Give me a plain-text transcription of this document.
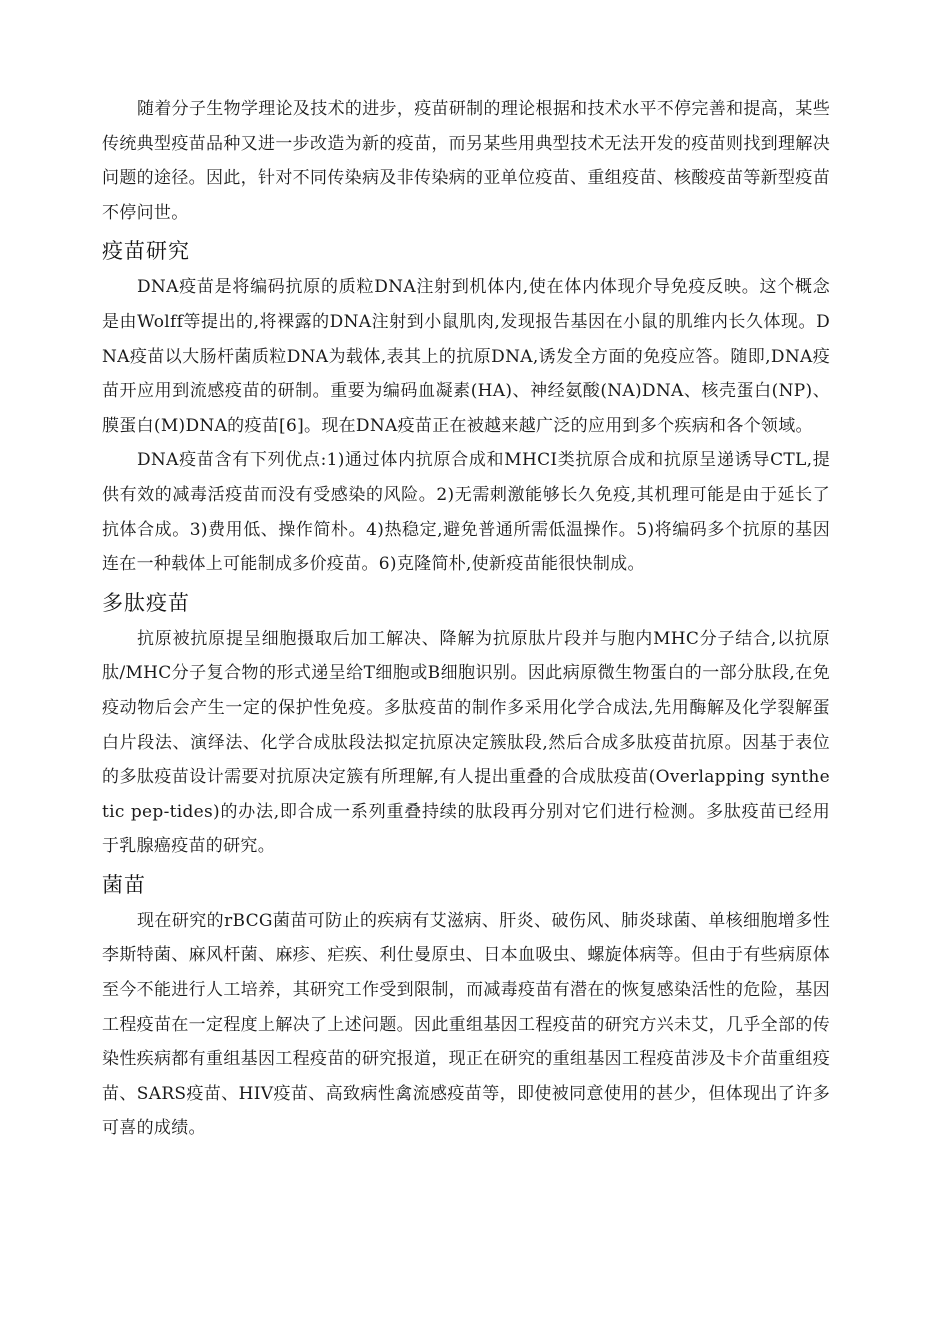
随着分子生物学理论及技术的进步，疫苗研制的理论根据和技术水平不停完善和提高，某些传统典型疫苗品种又进一步改造为新的疫苗，而另某些用典型技术无法开发的疫苗则找到理解决问题的途径。因此，针对不同传染病及非传染病的亚单位疫苗、重组疫苗、核酸疫苗等新型疫苗不停问世。

疫苗研究

DNA疫苗是将编码抗原的质粒DNA注射到机体内,使在体内体现介导免疫反映。这个概念是由Wolff等提出的,将裸露的DNA注射到小鼠肌肉,发现报告基因在小鼠的肌维内长久体现。DNA疫苗以大肠杆菌质粒DNA为载体,表其上的抗原DNA,诱发全方面的免疫应答。随即,DNA疫苗开应用到流感疫苗的研制。重要为编码血凝素(HA)、神经氨酸(NA)DNA、核壳蛋白(NP)、膜蛋白(M)DNA的疫苗[6]。现在DNA疫苗正在被越来越广泛的应用到多个疾病和各个领域。

DNA疫苗含有下列优点:1)通过体内抗原合成和MHCI类抗原合成和抗原呈递诱导CTL,提供有效的减毒活疫苗而没有受感染的风险。2)无需刺激能够长久免疫,其机理可能是由于延长了抗体合成。3)费用低、操作简朴。4)热稳定,避免普通所需低温操作。5)将编码多个抗原的基因连在一种载体上可能制成多价疫苗。6)克隆简朴,使新疫苗能很快制成。

多肽疫苗

抗原被抗原提呈细胞摄取后加工解决、降解为抗原肽片段并与胞内MHC分子结合,以抗原肽/MHC分子复合物的形式递呈给T细胞或B细胞识别。因此病原微生物蛋白的一部分肽段,在免疫动物后会产生一定的保护性免疫。多肽疫苗的制作多采用化学合成法,先用酶解及化学裂解蛋白片段法、演绎法、化学合成肽段法拟定抗原决定簇肽段,然后合成多肽疫苗抗原。因基于表位的多肽疫苗设计需要对抗原决定簇有所理解,有人提出重叠的合成肽疫苗(Overlapping synthetic pep-tides)的办法,即合成一系列重叠持续的肽段再分别对它们进行检测。多肽疫苗已经用于乳腺癌疫苗的研究。

菌苗

现在研究的rBCG菌苗可防止的疾病有艾滋病、肝炎、破伤风、肺炎球菌、单核细胞增多性李斯特菌、麻风杆菌、麻疹、疟疾、利仕曼原虫、日本血吸虫、螺旋体病等。但由于有些病原体至今不能进行人工培养，其研究工作受到限制，而减毒疫苗有潜在的恢复感染活性的危险，基因工程疫苗在一定程度上解决了上述问题。因此重组基因工程疫苗的研究方兴未艾，几乎全部的传染性疾病都有重组基因工程疫苗的研究报道，现正在研究的重组基因工程疫苗涉及卡介苗重组疫苗、SARS疫苗、HIV疫苗、高致病性禽流感疫苗等，即使被同意使用的甚少，但体现出了许多可喜的成绩。
